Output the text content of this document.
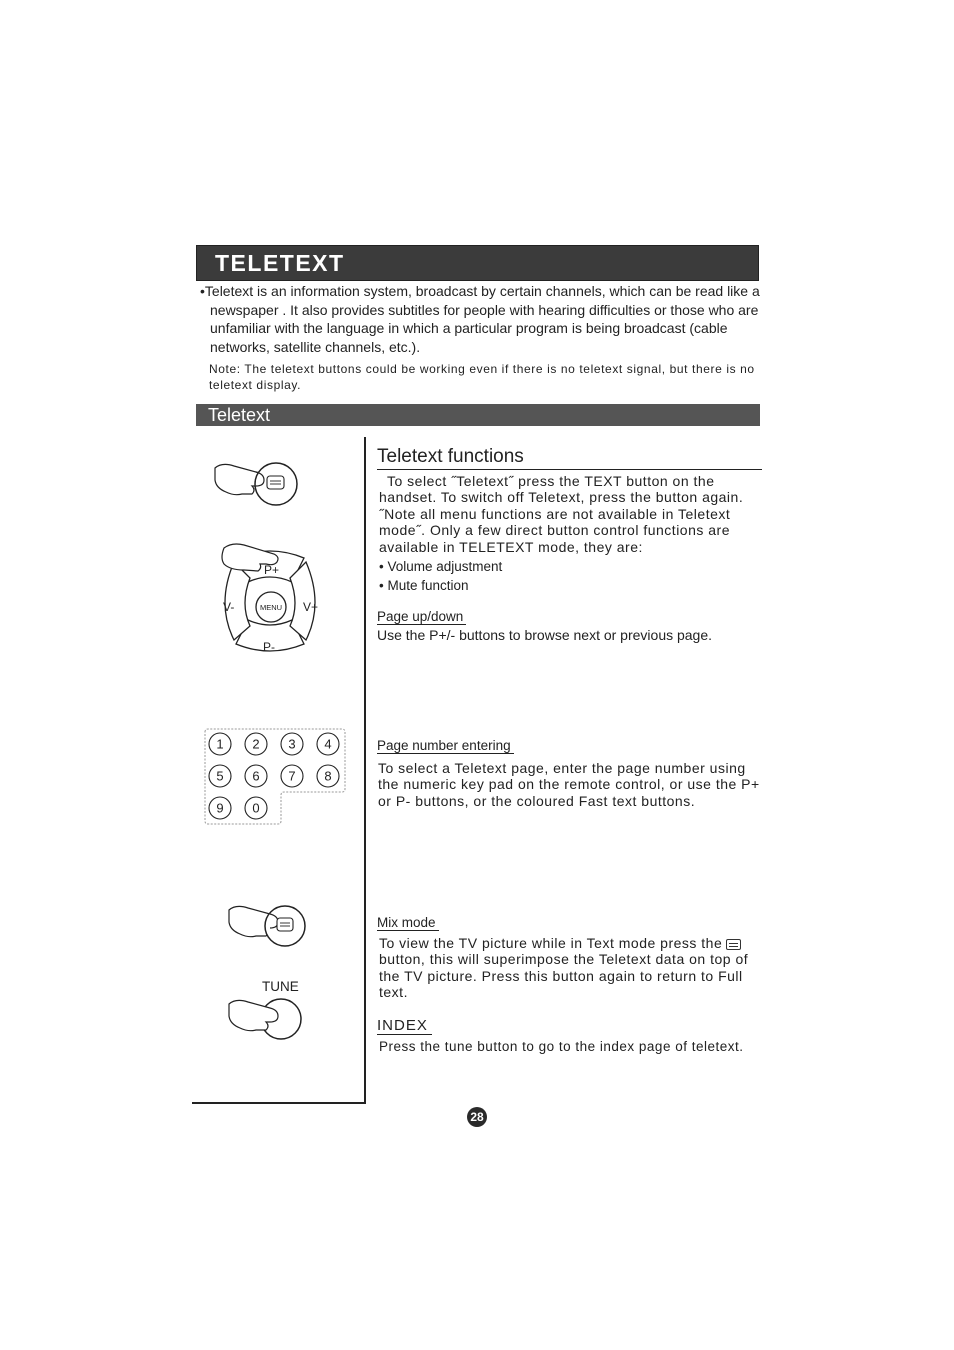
TELETEXT
•Teletext is an information system, broadcast by certain channels, which can be read like a newspaper . It also provides subtitles for people with hearing difficulties or those who are unfamiliar with the language in which a particular program is being broadcast (cable networks, satellite channels, etc.).
Note: The teletext buttons could be working even if there is no teletext signal, but there is no teletext display.
Teletext
P+
P-
V-	V+
MENU
1 2 3 4
5 6 7 8
9 0
TUNE
Teletext functions
To select ˝Teletext˝ press the TEXT button on the handset. To switch off Teletext, press the button again. ˝Note all menu functions are not available in Teletext mode˝. Only a few direct button control functions are available in TELETEXT mode, they are:
• Volume adjustment
• Mute function
Page up/down
Use the P+/- buttons to browse next or previous page.
Page number entering
To select a Teletext page, enter the page number using the numeric key pad on the remote control, or use the P+ or P- buttons, or the coloured Fast text buttons.
Mix mode
To view the TV picture while in Text mode press the button, this will superimpose the Teletext data on top of the TV picture. Press this button again to return to Full text.
INDEX
Press the tune button to go to the index page of teletext.
28
